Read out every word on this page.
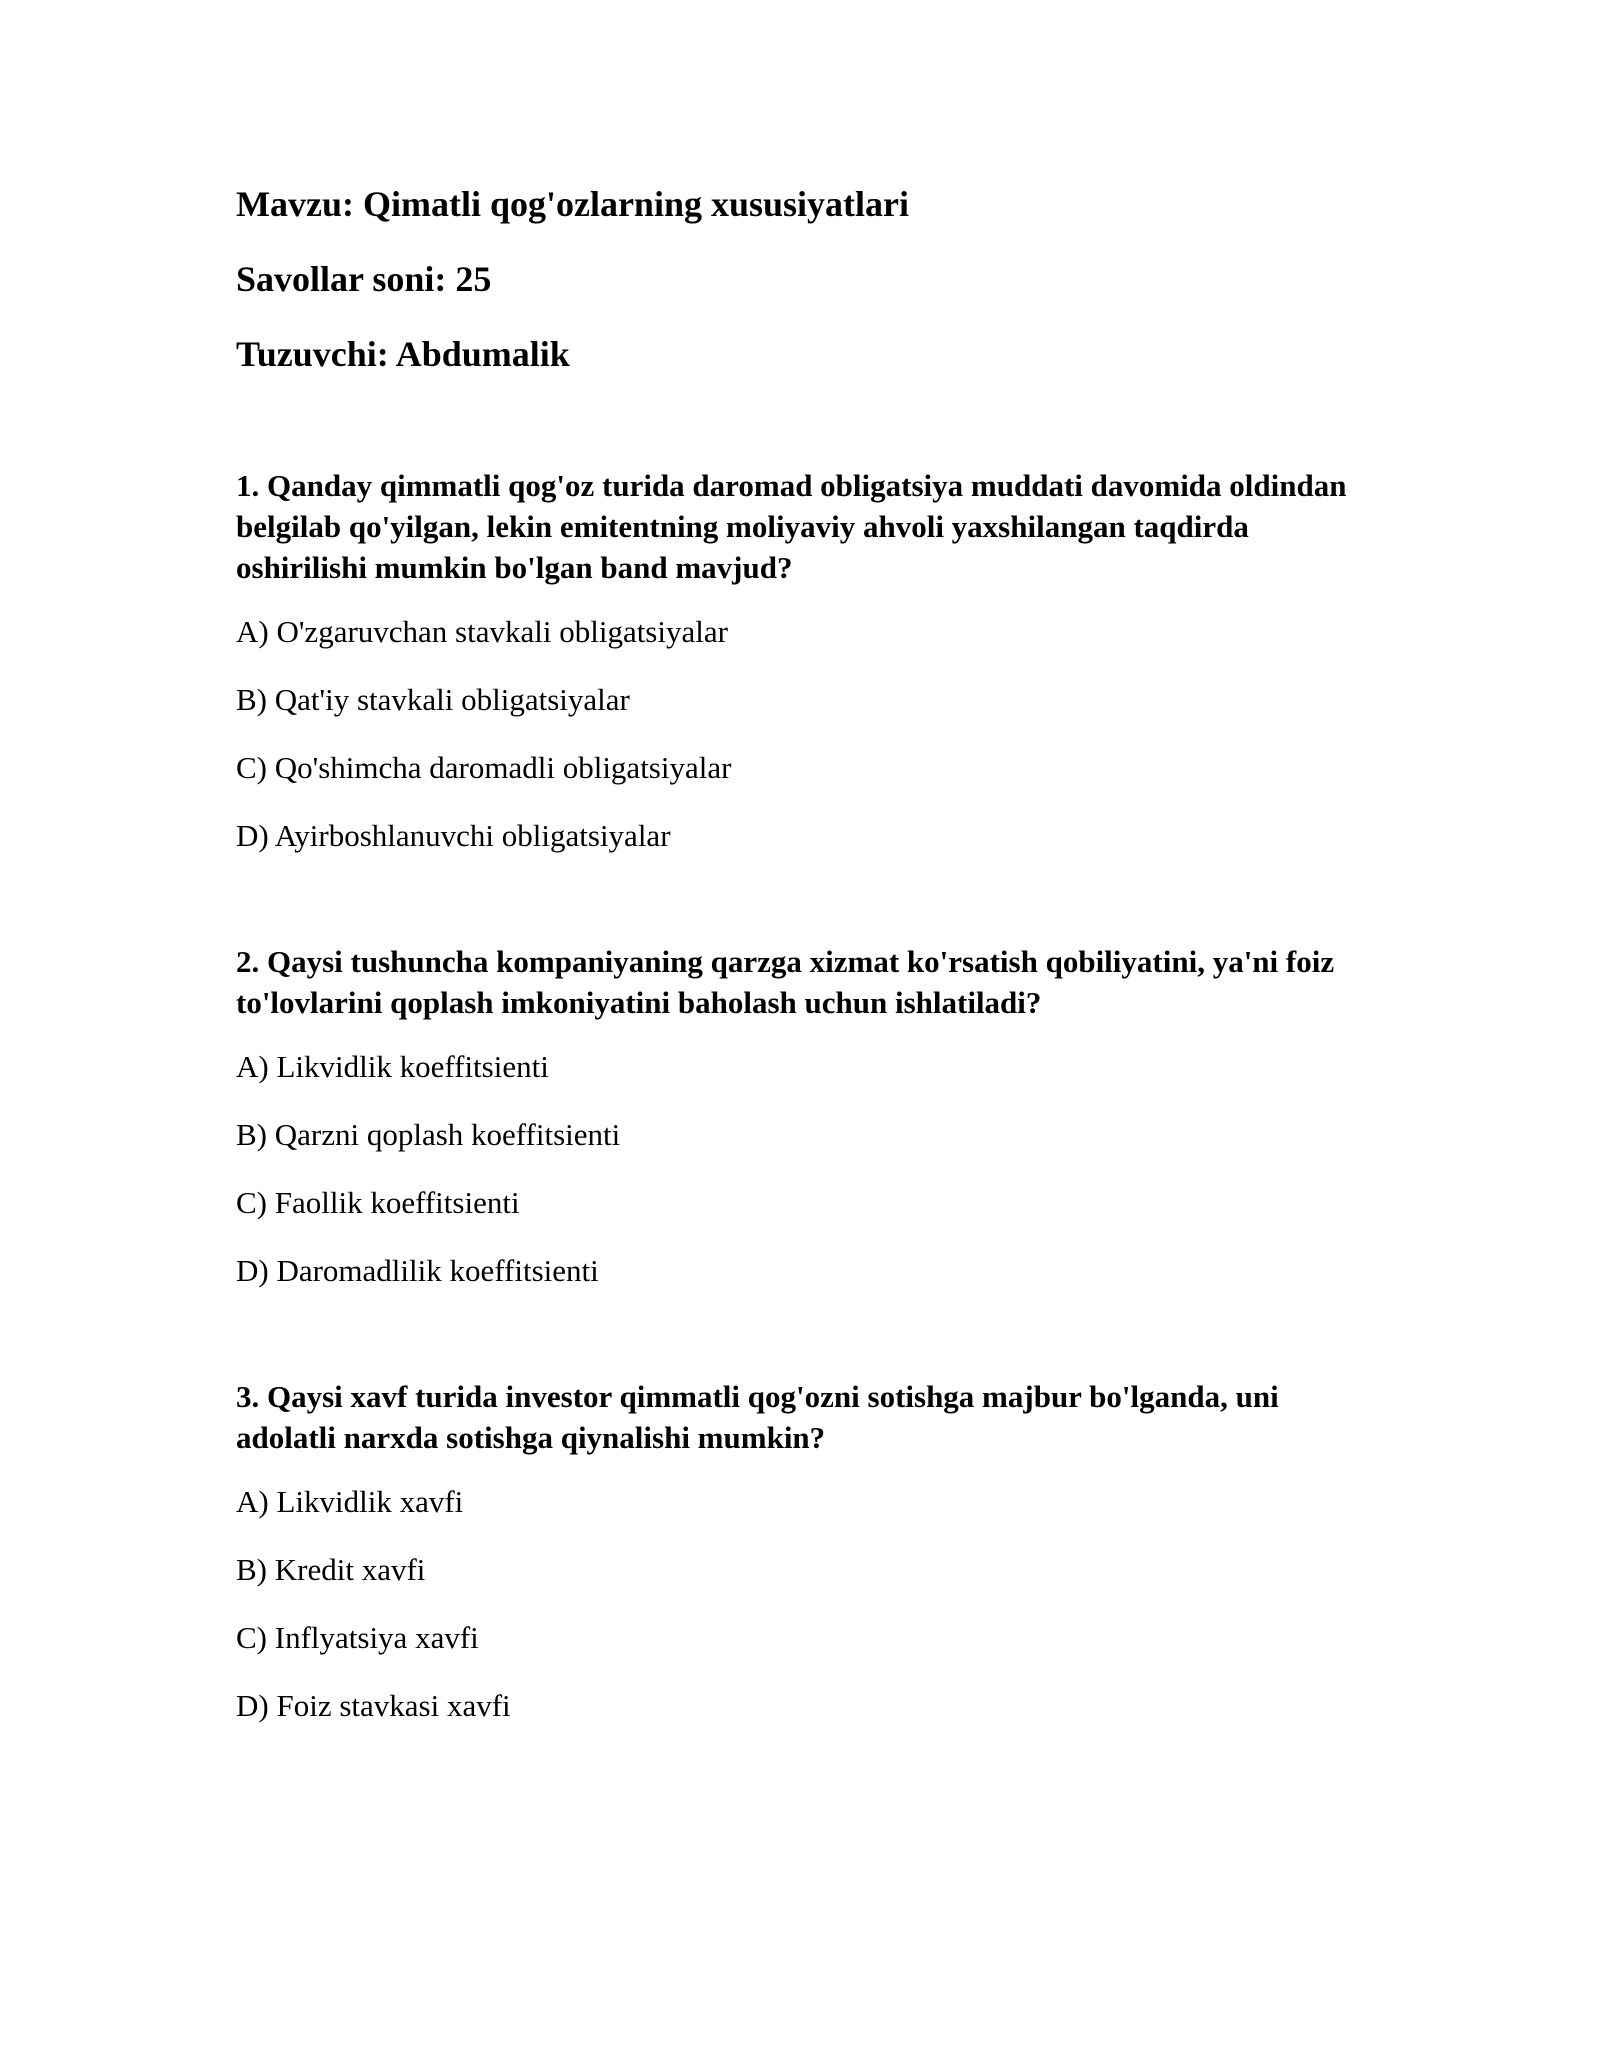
Mavzu: Qimatli qog'ozlarning xususiyatlari

Savollar soni: 25

Tuzuvchi: Abdumalik

1. Qanday qimmatli qog'oz turida daromad obligatsiya muddati davomida oldindan belgilab qo'yilgan, lekin emitentning moliyaviy ahvoli yaxshilangan taqdirda oshirilishi mumkin bo'lgan band mavjud?

A) O'zgaruvchan stavkali obligatsiyalar

B) Qat'iy stavkali obligatsiyalar

C) Qo'shimcha daromadli obligatsiyalar

D) Ayirboshlanuvchi obligatsiyalar

2. Qaysi tushuncha kompaniyaning qarzga xizmat ko'rsatish qobiliyatini, ya'ni foiz to'lovlarini qoplash imkoniyatini baholash uchun ishlatiladi?

A) Likvidlik koeffitsienti

B) Qarzni qoplash koeffitsienti

C) Faollik koeffitsienti

D) Daromadlilik koeffitsienti

3. Qaysi xavf turida investor qimmatli qog'ozni sotishga majbur bo'lganda, uni adolatli narxda sotishga qiynalishi mumkin?

A) Likvidlik xavfi

B) Kredit xavfi

C) Inflyatsiya xavfi

D) Foiz stavkasi xavfi
